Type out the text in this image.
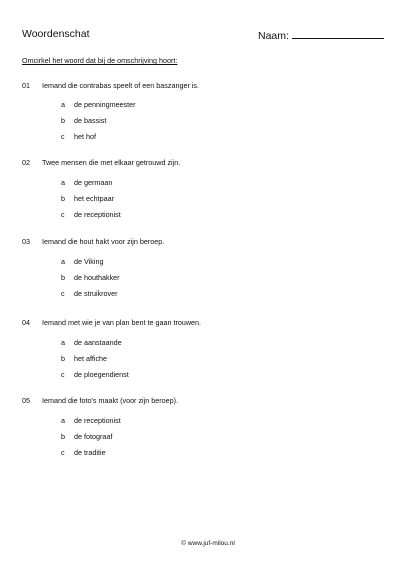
Woordenschat	Naam:
Omcirkel het woord dat bij de omschrijving hoort:
01 Iemand die contrabas speelt of een baszanger is.
a de penningmeester
b de bassist
c het hof
02 Twee mensen die met elkaar getrouwd zijn.
a de germaan
b het echtpaar
c de receptionist
03 Iemand die hout hakt voor zijn beroep.
a de Viking
b de houthakker
c de struikrover
04 Iemand met wie je van plan bent te gaan trouwen.
a de aanstaande
b het affiche
c de ploegendienst
05 Iemand die foto's maakt (voor zijn beroep).
a de receptionist
b de fotograaf
c de traditie
© www.juf-milou.nl
